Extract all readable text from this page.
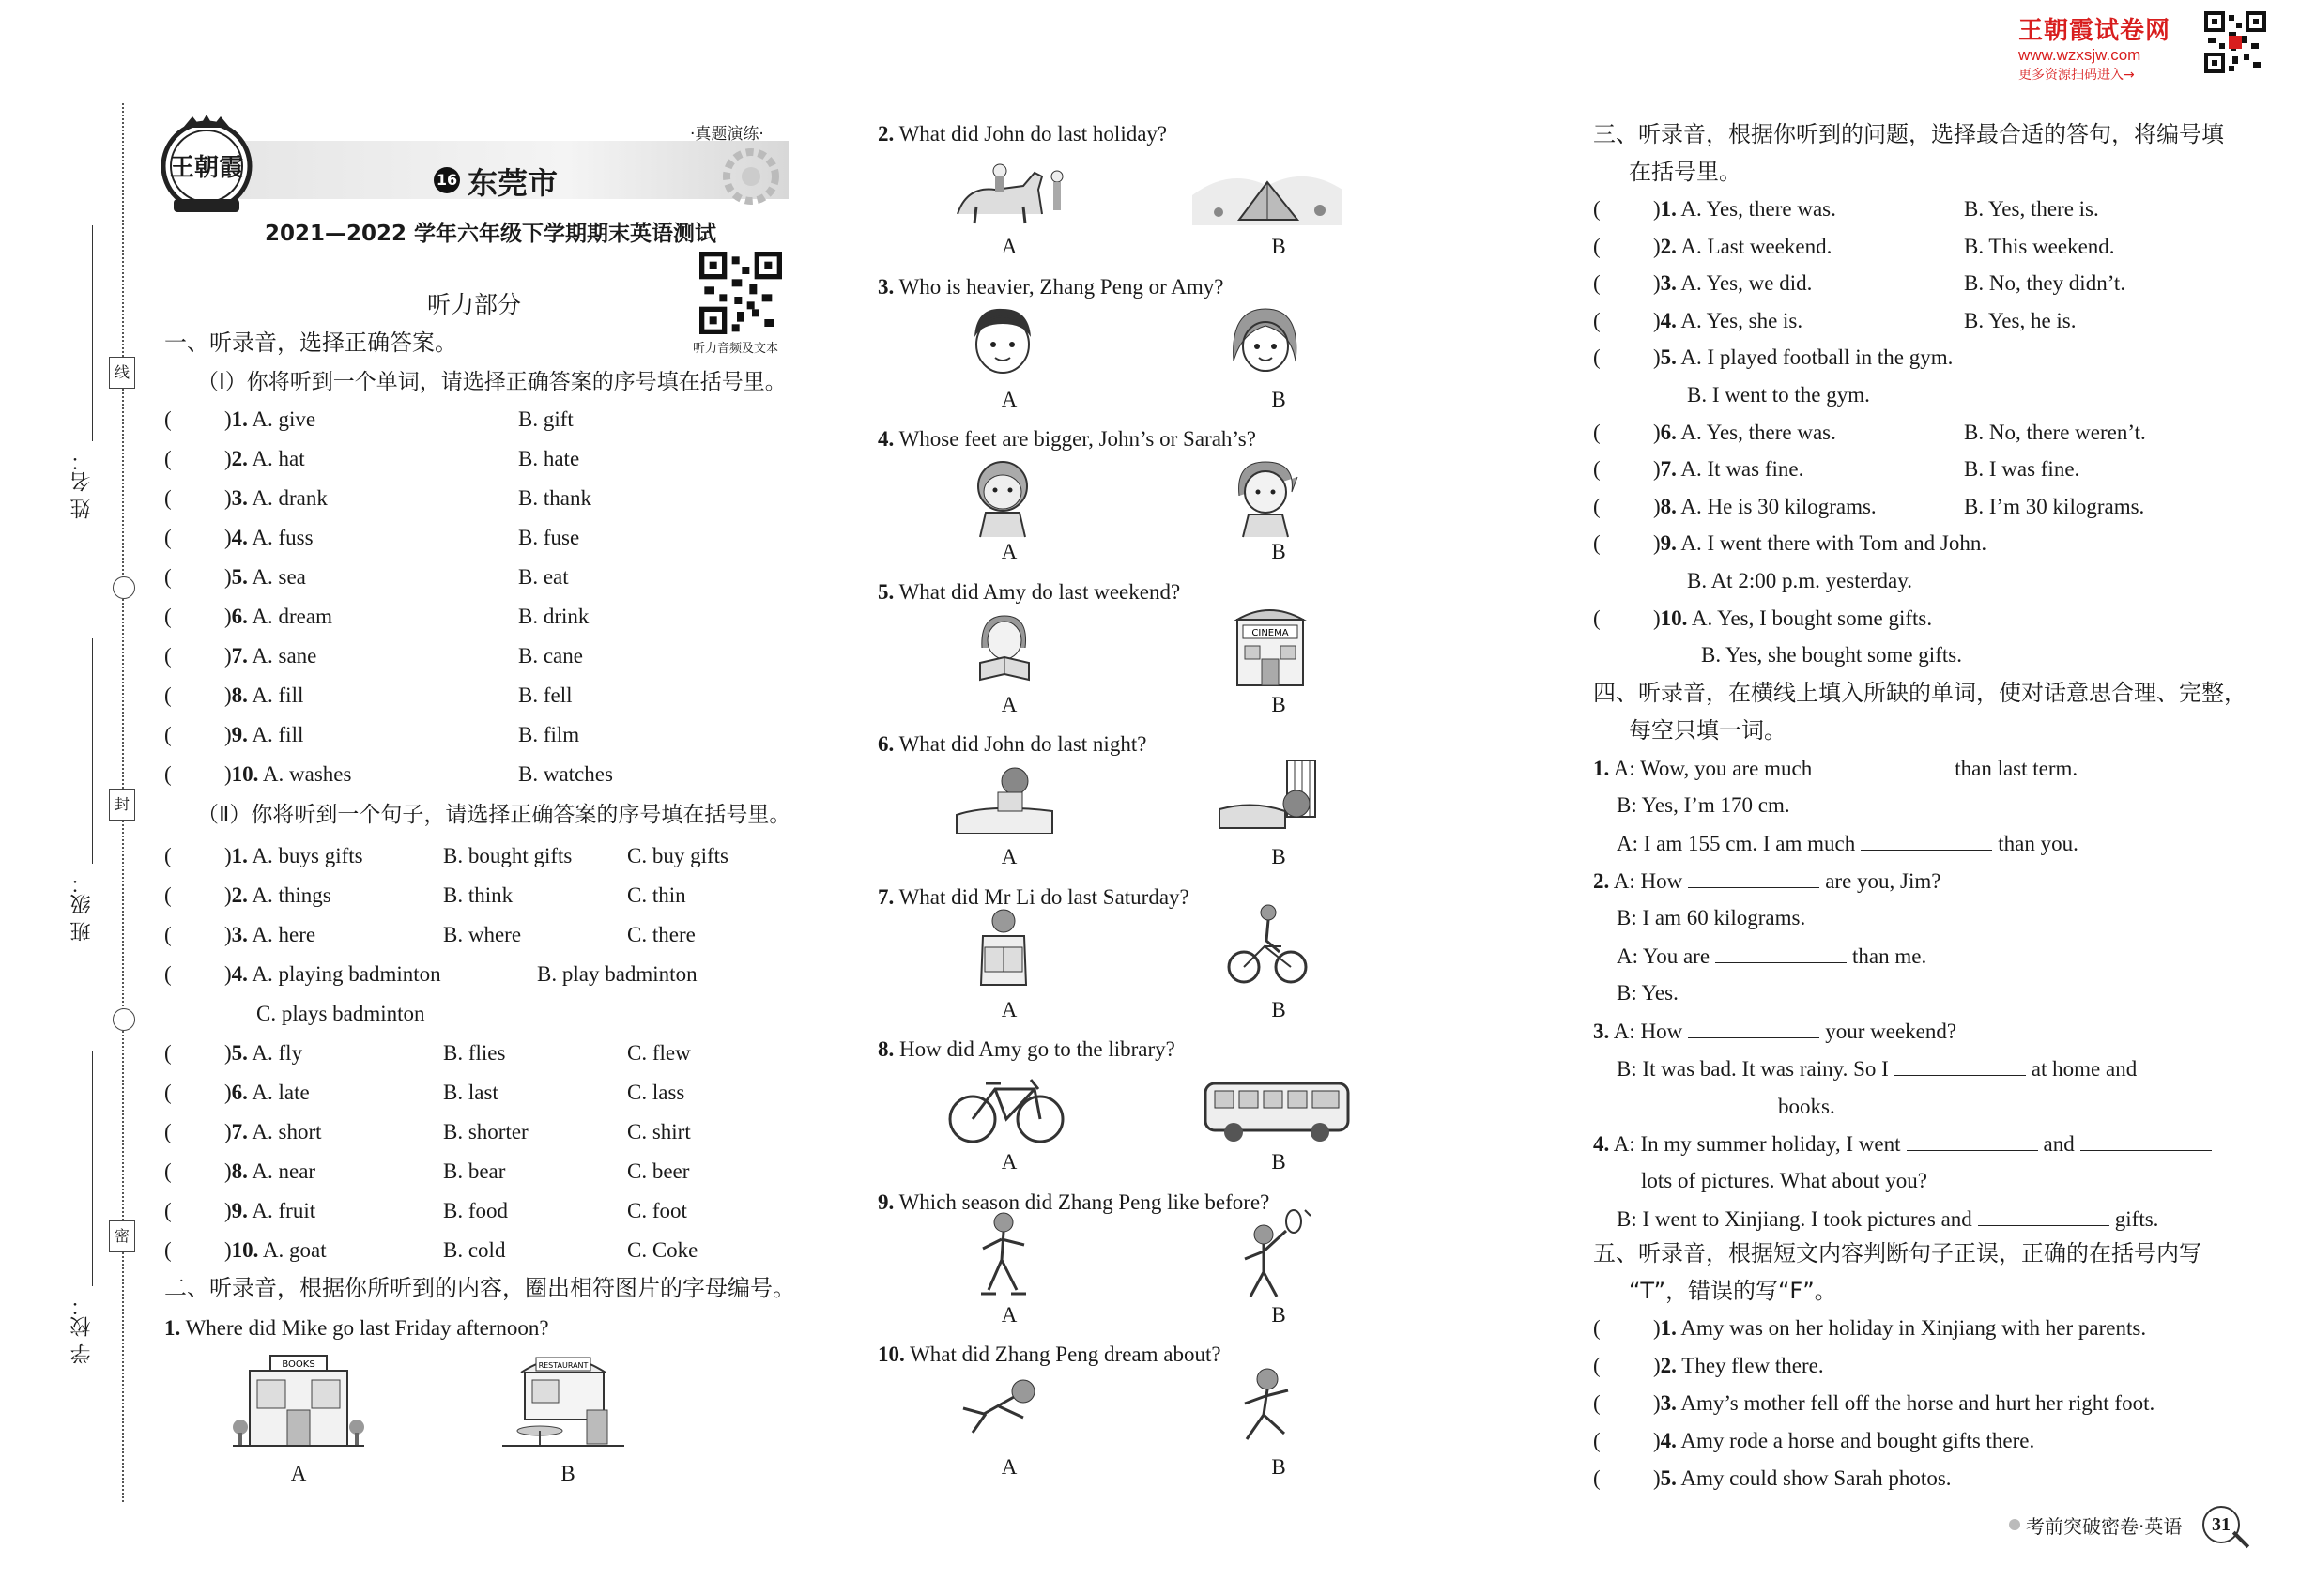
王朝霞试卷网
www.wzxsjw.com
更多资源扫码进入→
线
封
密
姓 名：
班 级：
学 校：
王朝霞
·真题演练·
16 东莞市
2021—2022 学年六年级下学期期末英语测试
听力部分
听力音频及文本
一、听录音，选择正确答案。
（Ⅰ）你将听到一个单词，请选择正确答案的序号填在括号里。
( )1. A. give	B. gift
( )2. A. hat	B. hate
( )3. A. drank	B. thank
( )4. A. fuss	B. fuse
( )5. A. sea	B. eat
( )6. A. dream	B. drink
( )7. A. sane	B. cane
( )8. A. fill	B. fell
( )9. A. fill	B. film
( )10. A. washes	B. watches
（Ⅱ）你将听到一个句子，请选择正确答案的序号填在括号里。
( )1. A. buys gifts	B. bought gifts	C. buy gifts
( )2. A. things	B. think	C. thin
( )3. A. here	B. where	C. there
( )4. A. playing badminton	B. play badminton
C. plays badminton
( )5. A. fly	B. flies	C. flew
( )6. A. late	B. last	C. lass
( )7. A. short	B. shorter	C. shirt
( )8. A. near	B. bear	C. beer
( )9. A. fruit	B. food	C. foot
( )10. A. goat	B. cold	C. Coke
二、听录音，根据你所听到的内容，圈出相符图片的字母编号。
1. Where did Mike go last Friday afternoon?
BOOKS	RESTAURANT
A	B
2. What did John do last holiday?
A	B
3. Who is heavier, Zhang Peng or Amy?
A	B
4. Whose feet are bigger, John’s or Sarah’s?
A	B
5. What did Amy do last weekend?
A	B
6. What did John do last night?
A	B
7. What did Mr Li do last Saturday?
A	B
8. How did Amy go to the library?
A	B
9. Which season did Zhang Peng like before?
A	B
10. What did Zhang Peng dream about?
A	B
CINEMA
三、听录音，根据你听到的问题，选择最合适的答句，将编号填
在括号里。
( )1. A. Yes, there was.	B. Yes, there is.
( )2. A. Last weekend.	B. This weekend.
( )3. A. Yes, we did.	B. No, they didn’t.
( )4. A. Yes, she is.	B. Yes, he is.
( )5. A. I played football in the gym.
B. I went to the gym.
( )6. A. Yes, there was.	B. No, there weren’t.
( )7. A. It was fine.	B. I was fine.
( )8. A. He is 30 kilograms.	B. I’m 30 kilograms.
( )9. A. I went there with Tom and John.
B. At 2:00 p.m. yesterday.
( )10. A. Yes, I bought some gifts.
B. Yes, she bought some gifts.
四、听录音，在横线上填入所缺的单词，使对话意思合理、完整，
每空只填一词。
1. A: Wow, you are much	than last term.
B: Yes, I’m 170 cm.
A: I am 155 cm. I am much	than you.
2. A: How	are you, Jim?
B: I am 60 kilograms.
A: You are	than me.
B: Yes.
3. A: How	your weekend?
B: It was bad. It was rainy. So I	at home and
books.
4. A: In my summer holiday, I went	and
lots of pictures. What about you?
B: I went to Xinjiang. I took pictures and	gifts.
五、听录音，根据短文内容判断句子正误，正确的在括号内写
“T”，错误的写“F”。
( )1. Amy was on her holiday in Xinjiang with her parents.
( )2. They flew there.
( )3. Amy’s mother fell off the horse and hurt her right foot.
( )4. Amy rode a horse and bought gifts there.
( )5. Amy could show Sarah photos.
考前突破密卷·英语	31
